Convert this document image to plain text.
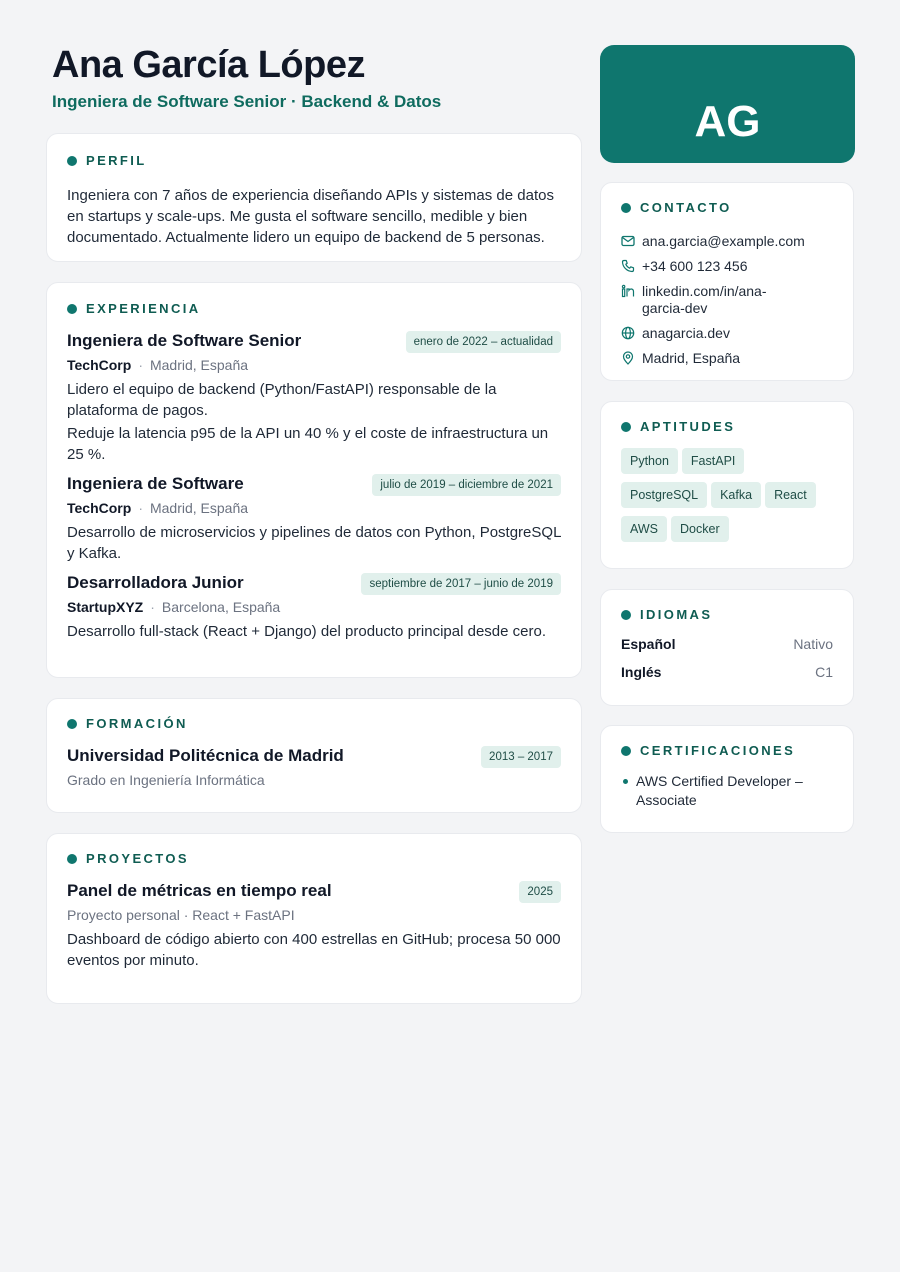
Ana García López
Ingeniera de Software Senior · Backend & Datos
PERFIL

Ingeniera con 7 años de experiencia diseñando APIs y sistemas de datos en startups y scale-ups. Me gusta el software sencillo, medible y bien documentado. Actualmente lidero un equipo de backend de 5 personas.

EXPERIENCIA
Ingeniera de Software Senior	enero de 2022 – actualidad
TechCorp · Madrid, España

Lidero el equipo de backend (Python/FastAPI) responsable de la plataforma de pagos.

Reduje la latencia p95 de la API un 40 % y el coste de infraestructura un 25 %.

Ingeniera de Software	julio de 2019 – diciembre de 2021
TechCorp · Madrid, España

Desarrollo de microservicios y pipelines de datos con Python, PostgreSQL y Kafka.

Desarrolladora Junior	septiembre de 2017 – junio de 2019
StartupXYZ · Barcelona, España

Desarrollo full-stack (React + Django) del producto principal desde cero.

FORMACIÓN
Universidad Politécnica de Madrid	2013 – 2017
Grado en Ingeniería Informática
PROYECTOS
Panel de métricas en tiempo real	2025
Proyecto personal · React + FastAPI

Dashboard de código abierto con 400 estrellas en GitHub; procesa 50 000 eventos por minuto.

AG
CONTACTO
ana.garcia@example.com
+34 600 123 456
linkedin.com/in/ana-garcia-dev
anagarcia.dev
Madrid, España
APTITUDES
Python FastAPI
PostgreSQL Kafka React
AWS Docker
IDIOMAS
Español	Nativo
Inglés	C1
CERTIFICACIONES
AWS Certified Developer – Associate
